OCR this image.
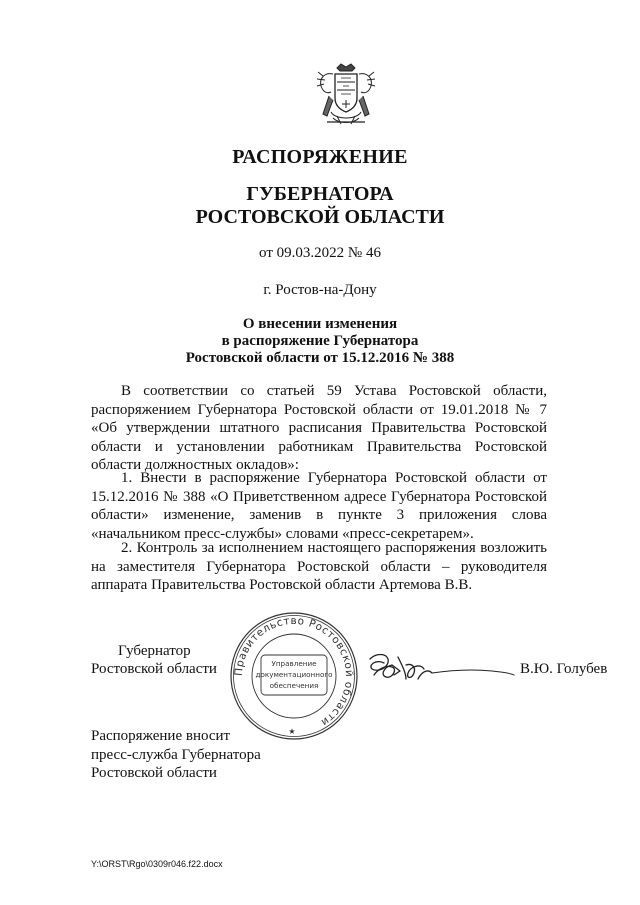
РАСПОРЯЖЕНИЕ
ГУБЕРНАТОРА
РОСТОВСКОЙ ОБЛАСТИ
от 09.03.2022 № 46
г. Ростов-на-Дону
О внесении изменения
в распоряжение Губернатора
Ростовской области от 15.12.2016 № 388
В соответствии со статьей 59 Устава Ростовской области, распоряжением Губернатора Ростовской области от 19.01.2018 № 7 «Об утверждении штатного расписания Правительства Ростовской области и установлении работникам Правительства Ростовской области должностных окладов»:
1. Внести в распоряжение Губернатора Ростовской области от 15.12.2016 № 388 «О Приветственном адресе Губернатора Ростовской области» изменение, заменив в пункте 3 приложения слова «начальником пресс-службы» словами «пресс-секретарем».
2. Контроль за исполнением настоящего распоряжения возложить на заместителя Губернатора Ростовской области – руководителя аппарата Правительства Ростовской области Артемова В.В.
Губернатор
Ростовской области Правительство Ростовской области
Управление
документационного
обеспечения
★
В.Ю. Голубев
Распоряжение вносит
пресс-служба Губернатора
Ростовской области
Y:\ORST\Rgo\0309r046.f22.docx
